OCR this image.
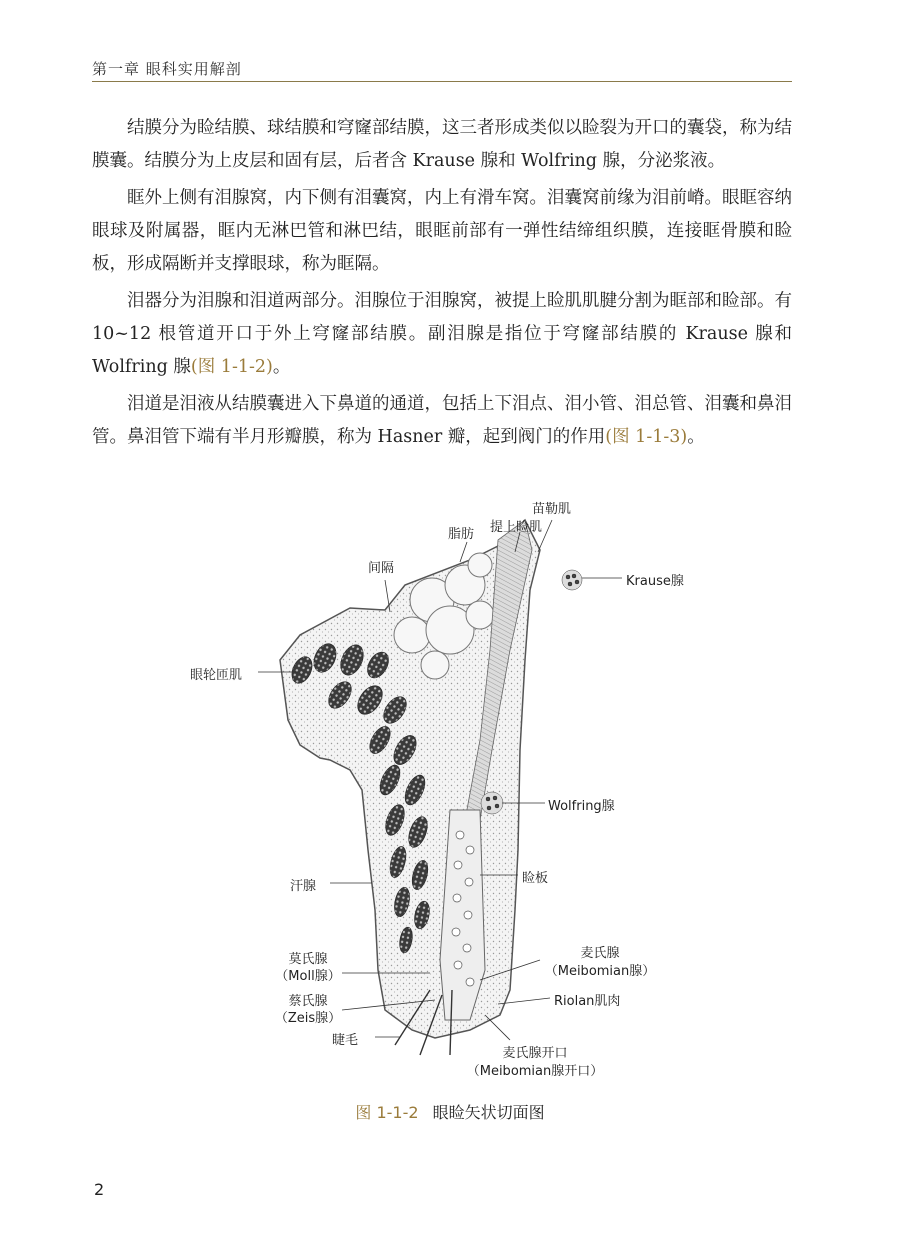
第一章 眼科实用解剖

结膜分为睑结膜、球结膜和穹窿部结膜，这三者形成类似以睑裂为开口的囊袋，称为结膜囊。结膜分为上皮层和固有层，后者含 Krause 腺和 Wolfring 腺，分泌浆液。

眶外上侧有泪腺窝，内下侧有泪囊窝，内上有滑车窝。泪囊窝前缘为泪前嵴。眼眶容纳眼球及附属器，眶内无淋巴管和淋巴结，眼眶前部有一弹性结缔组织膜，连接眶骨膜和睑板，形成隔断并支撑眼球，称为眶隔。

泪器分为泪腺和泪道两部分。泪腺位于泪腺窝，被提上睑肌肌腱分割为眶部和睑部。有 10~12 根管道开口于外上穹窿部结膜。副泪腺是指位于穹窿部结膜的 Krause 腺和 Wolfring 腺(图 1-1-2)。

泪道是泪液从结膜囊进入下鼻道的通道，包括上下泪点、泪小管、泪总管、泪囊和鼻泪管。鼻泪管下端有半月形瓣膜，称为 Hasner 瓣，起到阀门的作用(图 1-1-3)。

苗勒肌
提上睑肌
脂肪
间隔
Krause腺
眼轮匝肌
Wolfring腺
汗腺
睑板
莫氏腺
（Moll腺）
麦氏腺
（Meibomian腺）
蔡氏腺
（Zeis腺）
Riolan肌肉
睫毛
麦氏腺开口
（Meibomian腺开口）
图 1-1-2 眼睑矢状切面图
2
